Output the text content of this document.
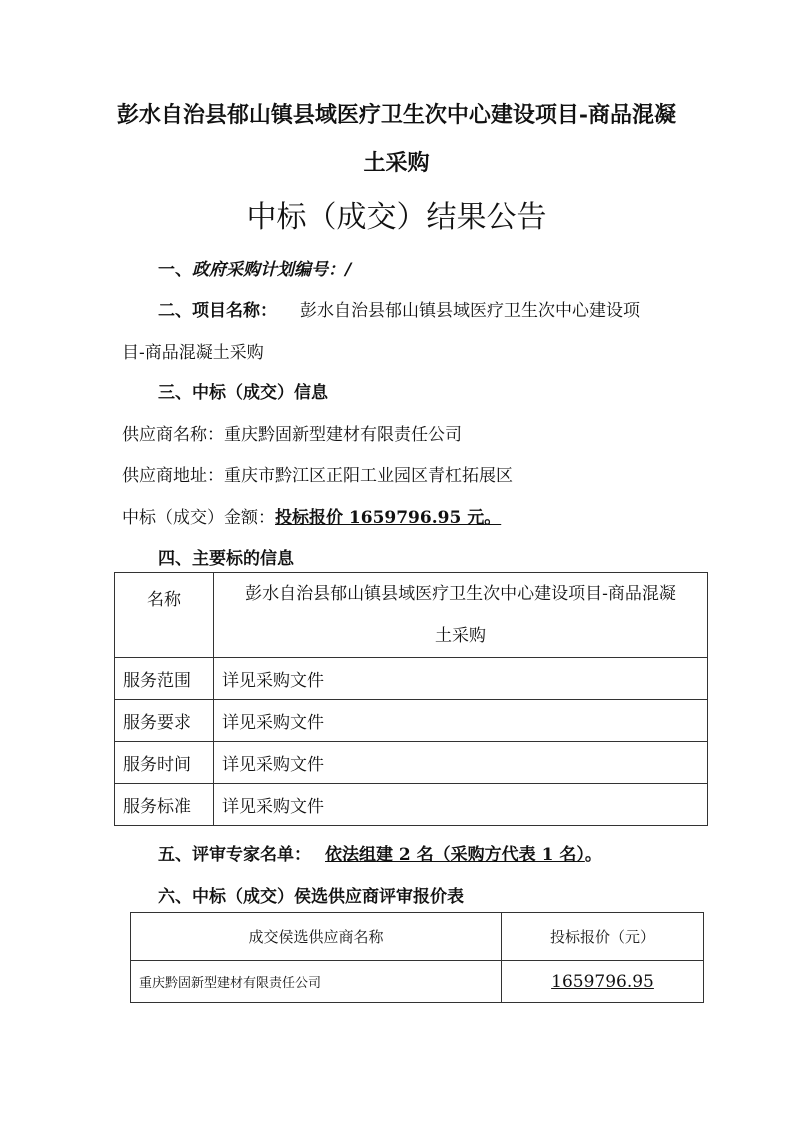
彭水自治县郁山镇县域医疗卫生次中心建设项目-商品混凝
土采购
中标（成交）结果公告
一、政府采购计划编号：/
二、项目名称： 彭水自治县郁山镇县域医疗卫生次中心建设项
目-商品混凝土采购
三、中标（成交）信息
供应商名称：重庆黔固新型建材有限责任公司
供应商地址：重庆市黔江区正阳工业园区青杠拓展区
中标（成交）金额：投标报价 1659796.95 元。
四、主要标的信息
名称	彭水自治县郁山镇县域医疗卫生次中心建设项目-商品混凝
土采购

服务范围	详见采购文件
服务要求	详见采购文件
服务时间	详见采购文件
服务标准	详见采购文件
五、评审专家名单： 依法组建 2 名（采购方代表 1 名）。
六、中标（成交）侯选供应商评审报价表
成交侯选供应商名称	投标报价（元）
重庆黔固新型建材有限责任公司	1659796.95
